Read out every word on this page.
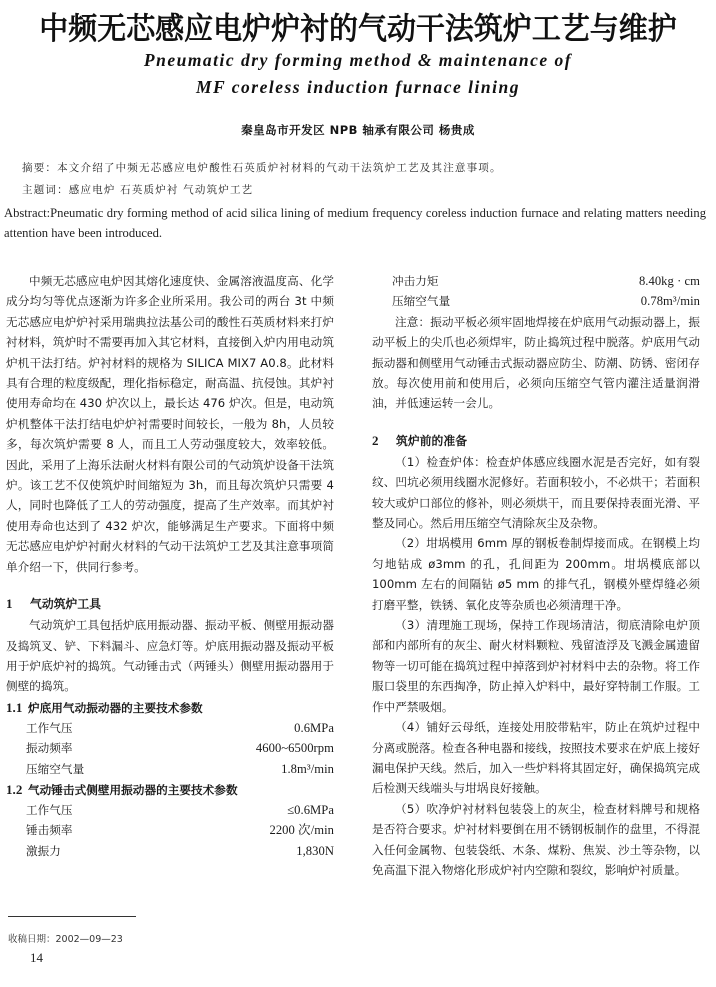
中频无芯感应电炉炉衬的气动干法筑炉工艺与维护
Pneumatic dry forming method & maintenance of
MF coreless induction furnace lining
秦皇岛市开发区 NPB 轴承有限公司 杨贵成
摘要：本文介绍了中频无芯感应电炉酸性石英质炉衬材料的气动干法筑炉工艺及其注意事项。
主题词：感应电炉 石英质炉衬 气动筑炉工艺
Abstract:Pneumatic dry forming method of acid silica lining of medium frequency coreless induction furnace and relating matters needing attention have been introduced.

中频无芯感应电炉因其熔化速度快、金属溶液温度高、化学成分均匀等优点逐渐为许多企业所采用。我公司的两台 3t 中频无芯感应电炉炉衬采用瑞典拉法基公司的酸性石英质材料来打炉衬材料，筑炉时不需要再加入其它材料，直接倒入炉内用电动筑炉机干法打结。炉衬材料的规格为 SILICA MIX7 A0.8。此材料具有合理的粒度级配，理化指标稳定，耐高温、抗侵蚀。其炉衬使用寿命均在 430 炉次以上，最长达 476 炉次。但是，电动筑炉机整体干法打结电炉炉衬需要时间较长，一般为 8h，人员较多，每次筑炉需要 8 人，而且工人劳动强度较大，效率较低。因此，采用了上海乐法耐火材料有限公司的气动筑炉设备干法筑炉。该工艺不仅使筑炉时间缩短为 3h，而且每次筑炉只需要 4 人，同时也降低了工人的劳动强度，提高了生产效率。而其炉衬使用寿命也达到了 432 炉次，能够满足生产要求。下面将中频无芯感应电炉炉衬耐火材料的气动干法筑炉工艺及其注意事项简单介绍一下，供同行参考。

1 气动筑炉工具

气动筑炉工具包括炉底用振动器、振动平板、侧壁用振动器及捣筑叉、铲、下料漏斗、应急灯等。炉底用振动器及振动平板用于炉底炉衬的捣筑。气动锤击式（两锤头）侧壁用振动器用于侧壁的捣筑。

1.1 炉底用气动振动器的主要技术参数
工作气压	0.6MPa
振动频率	4600~6500rpm
压缩空气量	1.8m³/min
1.2 气动锤击式侧壁用振动器的主要技术参数
工作气压	≤0.6MPa
锤击频率	2200 次/min
激振力	1,830N
冲击力矩	8.40kg · cm
压缩空气量	0.78m³/min

注意：振动平板必须牢固地焊接在炉底用气动振动器上，振动平板上的尖爪也必须焊牢，防止捣筑过程中脱落。炉底用气动振动器和侧壁用气动锤击式振动器应防尘、防潮、防锈、密闭存放。每次使用前和使用后，必须向压缩空气管内灌注适量润滑油，并低速运转一会儿。

2 筑炉前的准备

（1）检查炉体：检查炉体感应线圈水泥是否完好，如有裂纹、凹坑必须用线圈水泥修好。若面积较小，不必烘干；若面积较大或炉口部位的修补，则必须烘干，而且要保持表面光滑、平整及同心。然后用压缩空气清除灰尘及杂物。

（2）坩埚模用 6mm 厚的钢板卷制焊接而成。在钢模上均匀地钻成 ø3mm 的孔，孔间距为 200mm。坩埚模底部以 100mm 左右的间隔钻 ø5 mm 的排气孔，钢模外壁焊缝必须打磨平整，铁锈、氧化皮等杂质也必须清理干净。

（3）清理施工现场，保持工作现场清洁，彻底清除电炉顶部和内部所有的灰尘、耐火材料颗粒、残留渣浮及飞溅金属遗留物等一切可能在捣筑过程中掉落到炉衬材料中去的杂物。将工作服口袋里的东西掏净，防止掉入炉料中，最好穿特制工作服。工作中严禁吸烟。

（4）铺好云母纸，连接处用胶带粘牢，防止在筑炉过程中分离或脱落。检查各种电器和接线，按照技术要求在炉底上接好漏电保护天线。然后，加入一些炉料将其固定好，确保捣筑完成后检测天线端头与坩埚良好接触。

（5）吹净炉衬材料包装袋上的灰尘，检查材料牌号和规格是否符合要求。炉衬材料要倒在用不锈钢板制作的盘里，不得混入任何金属物、包装袋纸、木条、煤粉、焦炭、沙土等杂物，以免高温下混入物熔化形成炉衬内空隙和裂纹，影响炉衬质量。

收稿日期：2002—09—23
14
